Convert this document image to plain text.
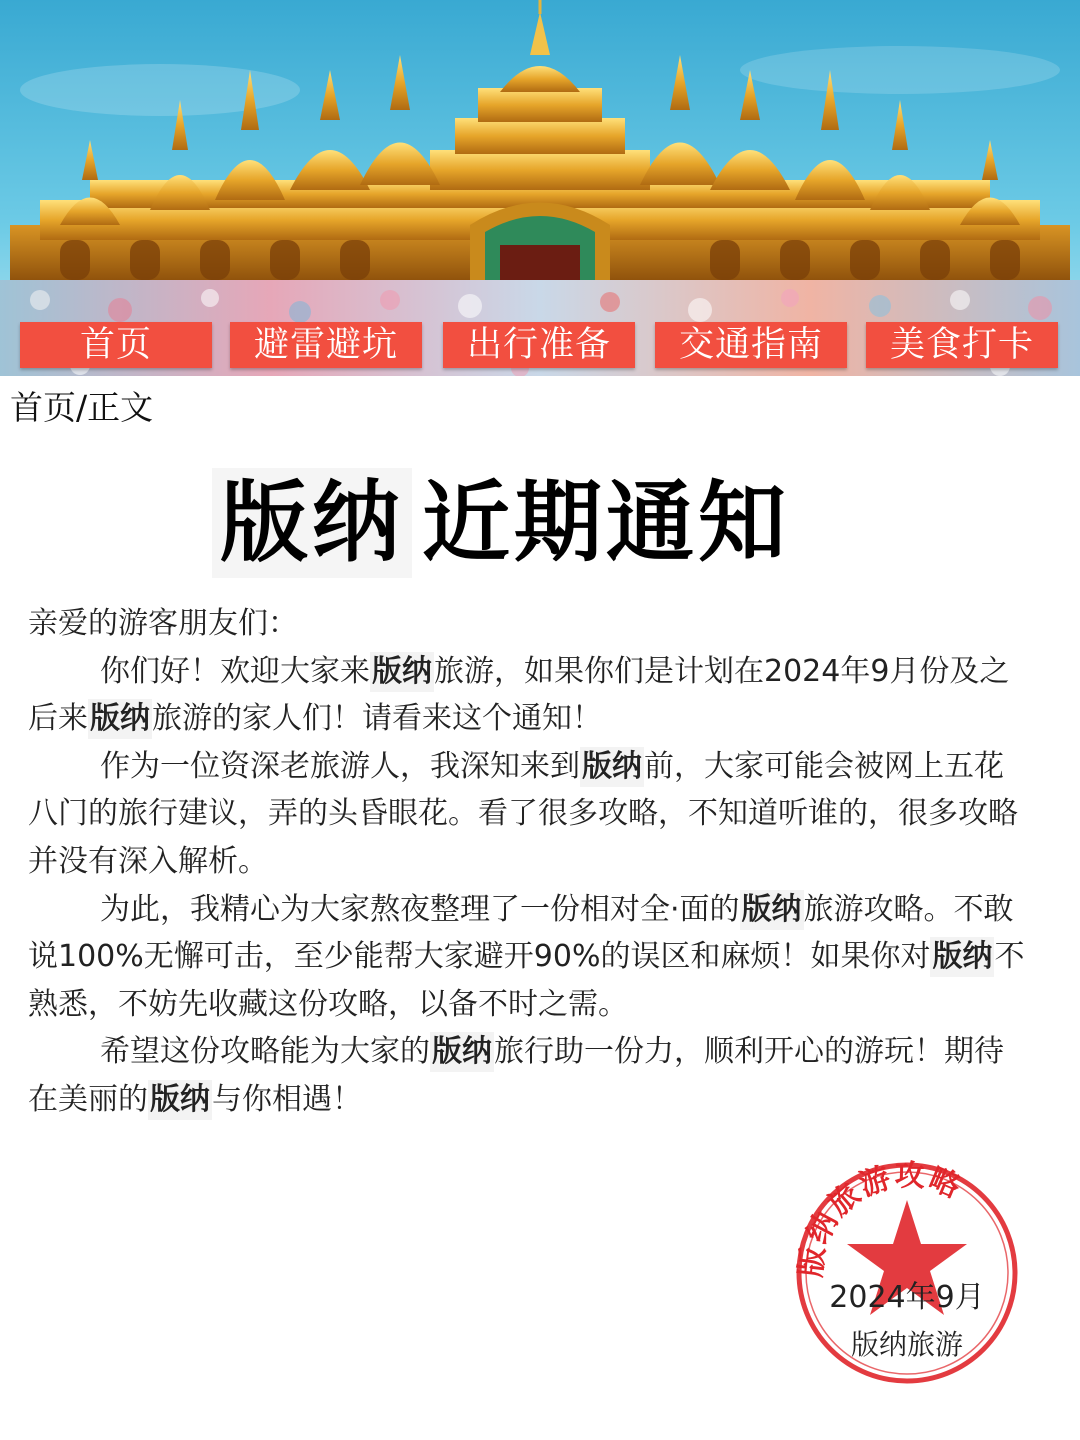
首页	避雷避坑	出行准备	交通指南	美食打卡
首页/正文
版纳 近期通知

亲爱的游客朋友们：

你们好！欢迎大家来版纳旅游，如果你们是计划在2024年9月份及之后来版纳旅游的家人们！请看来这个通知！

作为一位资深老旅游人，我深知来到版纳前，大家可能会被网上五花八门的旅行建议，弄的头昏眼花。看了很多攻略，不知道听谁的，很多攻略并没有深入解析。

为此，我精心为大家熬夜整理了一份相对全·面的版纳旅游攻略。不敢说100%无懈可击，至少能帮大家避开90%的误区和麻烦！如果你对版纳不熟悉，不妨先收藏这份攻略，以备不时之需。

希望这份攻略能为大家的版纳旅行助一份力，顺利开心的游玩！期待在美丽的版纳与你相遇！

版纳旅游攻略
2024年9月
版纳旅游
